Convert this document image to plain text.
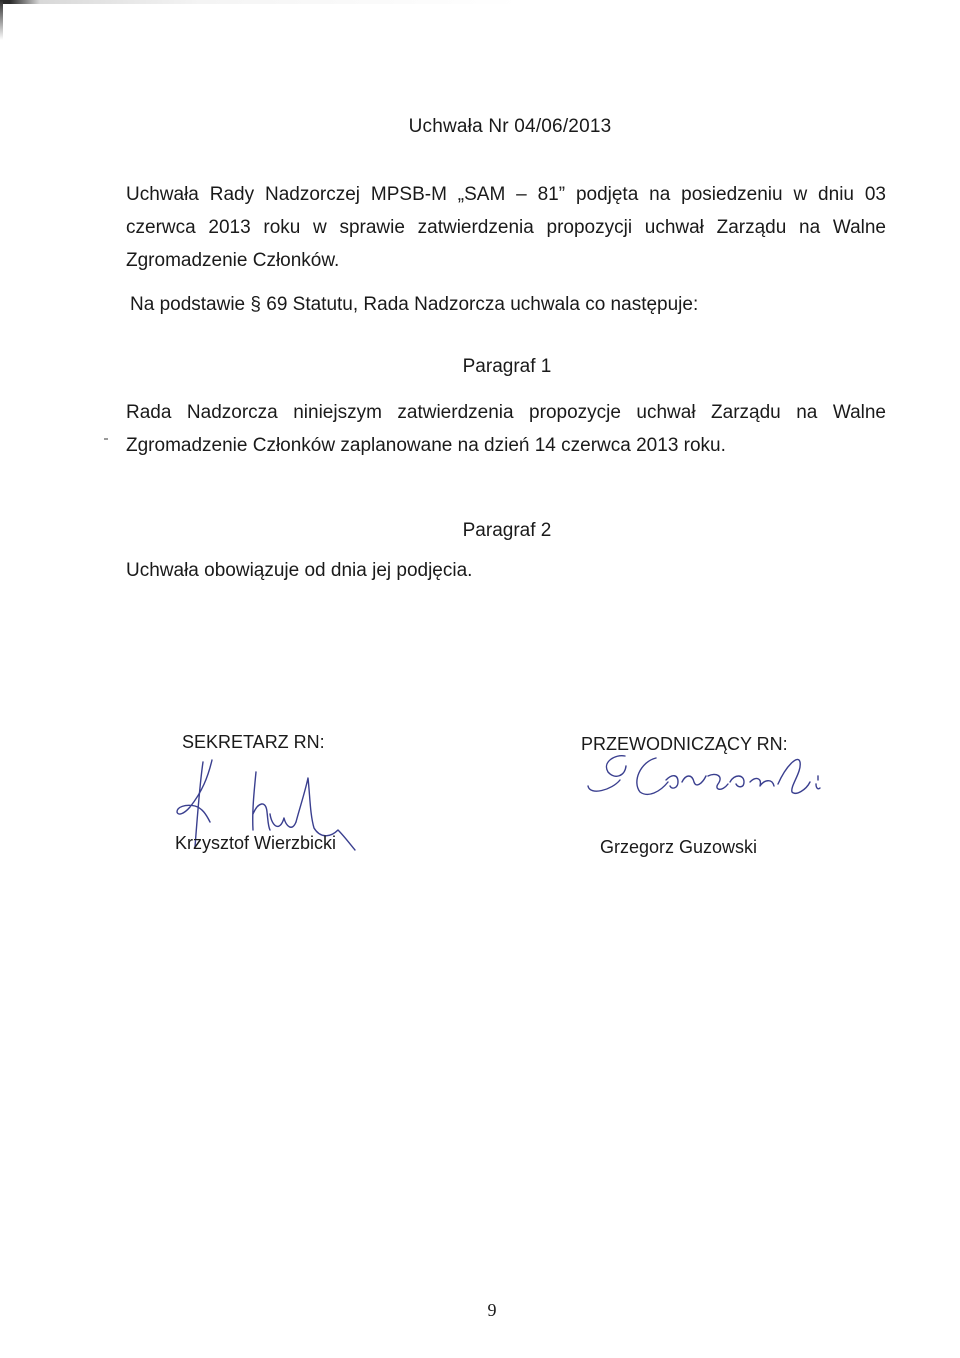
Uchwała Nr 04/06/2013
Uchwała Rady Nadzorczej MPSB-M „SAM – 81” podjęta na posiedzeniu w dniu 03 czerwca 2013 roku w sprawie zatwierdzenia propozycji uchwał Zarządu na Walne Zgromadzenie Członków.
Na podstawie § 69 Statutu, Rada Nadzorcza uchwala co następuje:
Paragraf 1
Rada Nadzorcza niniejszym zatwierdzenia propozycje uchwał Zarządu na Walne Zgromadzenie Członków zaplanowane na dzień 14 czerwca 2013 roku.
Paragraf 2
Uchwała obowiązuje od dnia jej podjęcia.
SEKRETARZ RN:
Krzysztof Wierzbicki
PRZEWODNICZĄCY RN:
Grzegorz Guzowski
9
